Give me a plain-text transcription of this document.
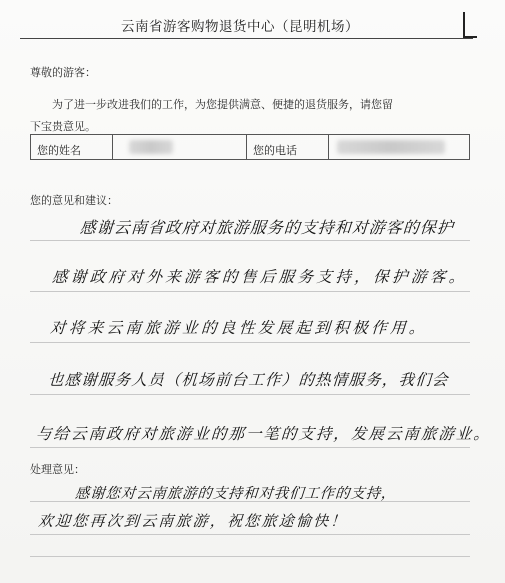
云南省游客购物退货中心（昆明机场）
尊敬的游客：
为了进一步改进我们的工作，为您提供满意、便捷的退货服务，请您留
下宝贵意见。
您的姓名	您的电话
您的意见和建议：
感谢云南省政府对旅游服务的支持和对游客的保护
感谢政府对外来游客的售后服务支持，保护游客。
对将来云南旅游业的良性发展起到积极作用。
也感谢服务人员（机场前台工作）的热情服务，我们会
与给云南政府对旅游业的那一笔的支持，发展云南旅游业。
处理意见：
感谢您对云南旅游的支持和对我们工作的支持，
欢迎您再次到云南旅游，祝您旅途愉快！
